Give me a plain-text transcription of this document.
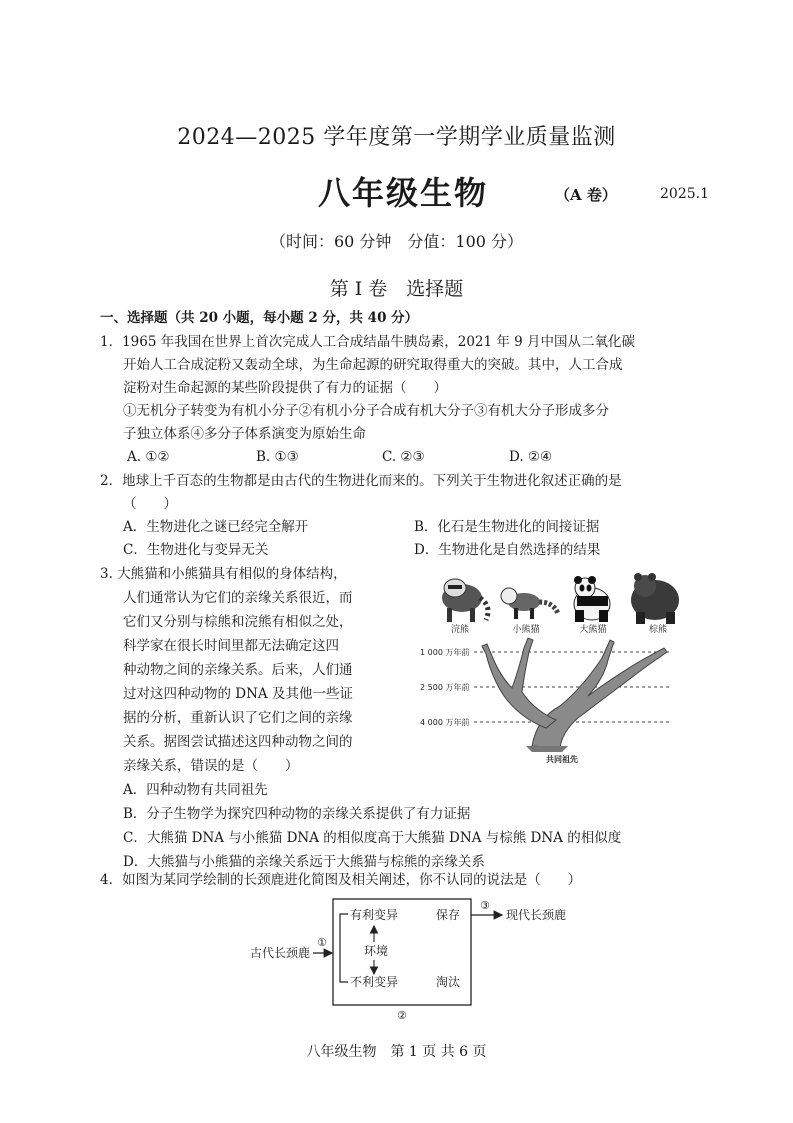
2024—2025 学年度第一学期学业质量监测
八年级生物	（A 卷）	2025.1
（时间：60 分钟　分值：100 分）
第 I 卷　选择题
一、选择题（共 20 小题，每小题 2 分，共 40 分）
1．1965 年我国在世界上首次完成人工合成结晶牛胰岛素，2021 年 9 月中国从二氧化碳
开始人工合成淀粉又轰动全球，为生命起源的研究取得重大的突破。其中，人工合成
淀粉对生命起源的某些阶段提供了有力的证据（　　）
①无机分子转变为有机小分子②有机小分子合成有机大分子③有机大分子形成多分
子独立体系④多分子体系演变为原始生命
A. ①②	B. ①③	C. ②③	D. ②④
2．地球上千百态的生物都是由古代的生物进化而来的。下列关于生物进化叙述正确的是
（　　）
A．生物进化之谜已经完全解开	B．化石是生物进化的间接证据
C．生物进化与变异无关	D．生物进化是自然选择的结果
3. 大熊猫和小熊猫具有相似的身体结构，
人们通常认为它们的亲缘关系很近，而
它们又分别与棕熊和浣熊有相似之处，
科学家在很长时间里都无法确定这四
种动物之间的亲缘关系。后来，人们通
过对这四种动物的 DNA 及其他一些证
据的分析，重新认识了它们之间的亲缘
关系。据图尝试描述这四种动物之间的
亲缘关系，错误的是（　　）
A．四种动物有共同祖先
B．分子生物学为探究四种动物的亲缘关系提供了有力证据
C．大熊猫 DNA 与小熊猫 DNA 的相似度高于大熊猫 DNA 与棕熊 DNA 的相似度
D．大熊猫与小熊猫的亲缘关系远于大熊猫与棕熊的亲缘关系
浣熊	小熊猫	大熊猫	棕熊
1 000 万年前
2 500 万年前
4 000 万年前
共同祖先
4．如图为某同学绘制的长颈鹿进化简图及相关阐述，你不认同的说法是（　　）
古代长颈鹿
①
有利变异
环境
不利变异
保存
淘汰
③
现代长颈鹿
②
八年级生物　第 1 页 共 6 页
